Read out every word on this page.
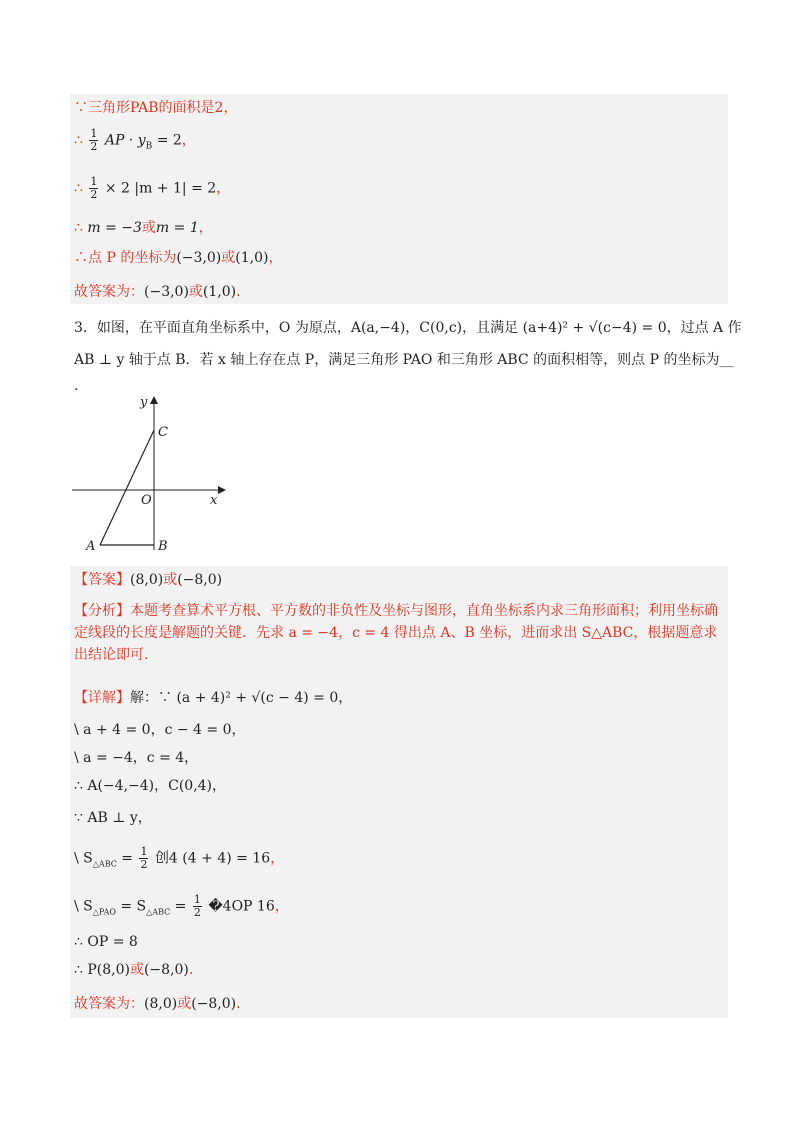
∵三角形PAB的面积是2，
∴ $\frac{1}{2}$ AP · $y_B = 2$，
∴ $\frac{1}{2} \times 2$ |m + 1| = 2，
∴ m = −3或m = 1，
∴点 P 的坐标为(−3,0)或(1,0)，
故答案为：(−3,0)或(1,0).
3．如图，在平面直角坐标系中，O 为原点，A(a,−4)，C(0,c)，且满足 (a+4)² + √(c−4) = 0，过点 A 作
AB ⊥ y 轴于点 B．若 x 轴上存在点 P，满足三角形 PAO 和三角形 ABC 的面积相等，则点 P 的坐标为__
.
y
x
C
O
A	B
【答案】(8,0)或(−8,0)
【分析】本题考查算术平方根、平方数的非负性及坐标与图形，直角坐标系内求三角形面积；利用坐标确定线段的长度是解题的关键．先求 a = −4，c = 4 得出点 A、B 坐标，进而求出 S△ABC，根据题意求出结论即可.
【详解】解：∵ (a + 4)² + √(c − 4) = 0，
\ a + 4 = 0，c − 4 = 0，
\ a = −4，c = 4，
∴ A(−4,−4)，C(0,4)，
∵ AB ⊥ y，
\ $S_{\triangle ABC} = \frac{1}{2}$ 创4 (4 + 4) = 16，
\ $S_{\triangle PAO} = S_{\triangle ABC} = \frac{1}{2}$ �4OP 16，
∴ OP = 8
∴ P(8,0)或(−8,0).
故答案为：(8,0)或(−8,0).
